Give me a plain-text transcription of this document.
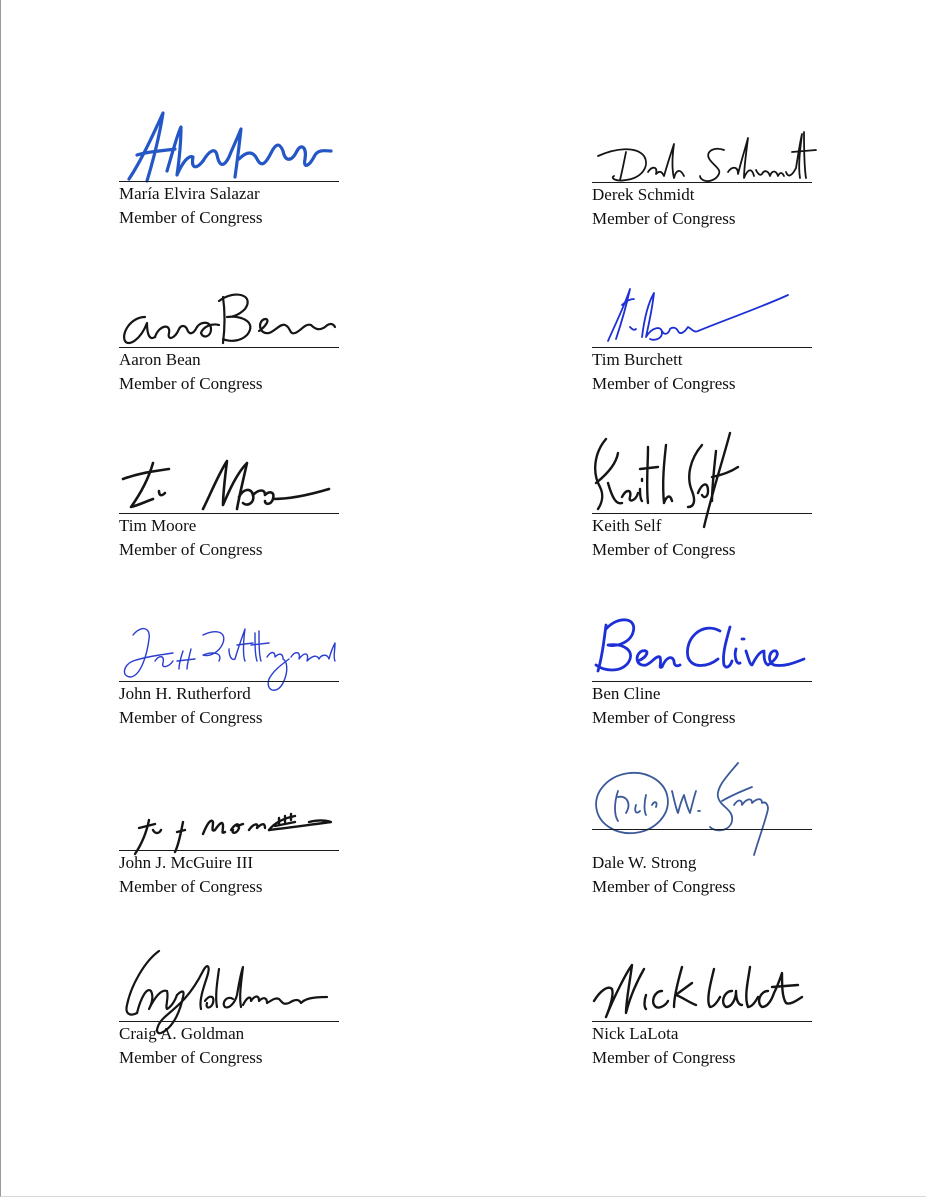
María Elvira Salazar
Member of Congress
Derek Schmidt
Member of Congress
Aaron Bean
Member of Congress
Tim Burchett
Member of Congress
Tim Moore
Member of Congress
Keith Self
Member of Congress
John H. Rutherford
Member of Congress
Ben Cline
Member of Congress
John J. McGuire III
Member of Congress
Dale W. Strong
Member of Congress
Craig A. Goldman
Member of Congress
Nick LaLota
Member of Congress
